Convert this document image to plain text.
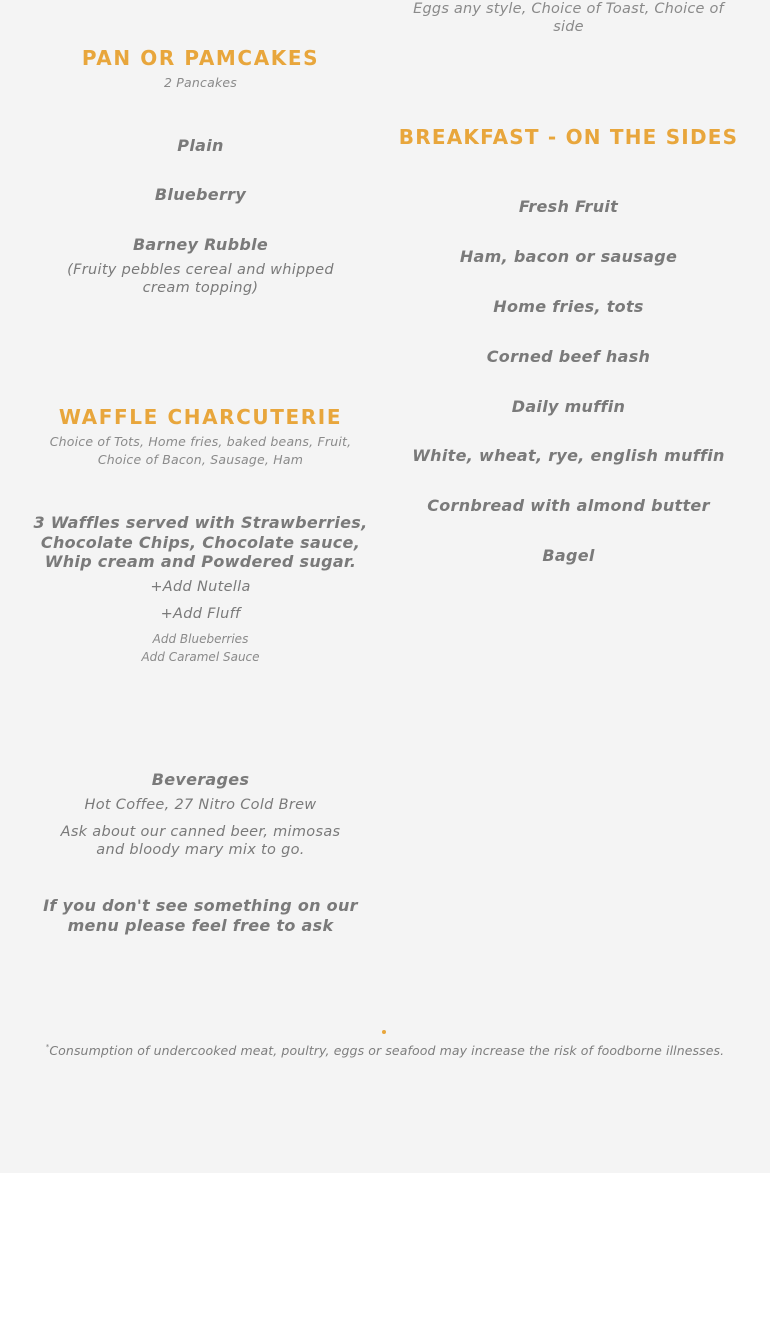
Eggs any style, Choice of Toast, Choice of side

PAN OR PAMCAKES

2 Pancakes

Plain

Blueberry

Barney Rubble

(Fruity pebbles cereal and whipped cream topping)

WAFFLE CHARCUTERIE

Choice of Tots, Home fries, baked beans, Fruit, Choice of Bacon, Sausage, Ham

3 Waffles served with Strawberries, Chocolate Chips, Chocolate sauce, Whip cream and Powdered sugar.

+Add Nutella

+Add Fluff

Add Blueberries

Add Caramel Sauce

Beverages

Hot Coffee, 27 Nitro Cold Brew

Ask about our canned beer, mimosas and bloody mary mix to go.

If you don't see something on our menu please feel free to ask

BREAKFAST - ON THE SIDES

Fresh Fruit

Ham, bacon or sausage

Home fries, tots

Corned beef hash

Daily muffin

White, wheat, rye, english muffin

Cornbread with almond butter

Bagel

*Consumption of undercooked meat, poultry, eggs or seafood may increase the risk of foodborne illnesses.
